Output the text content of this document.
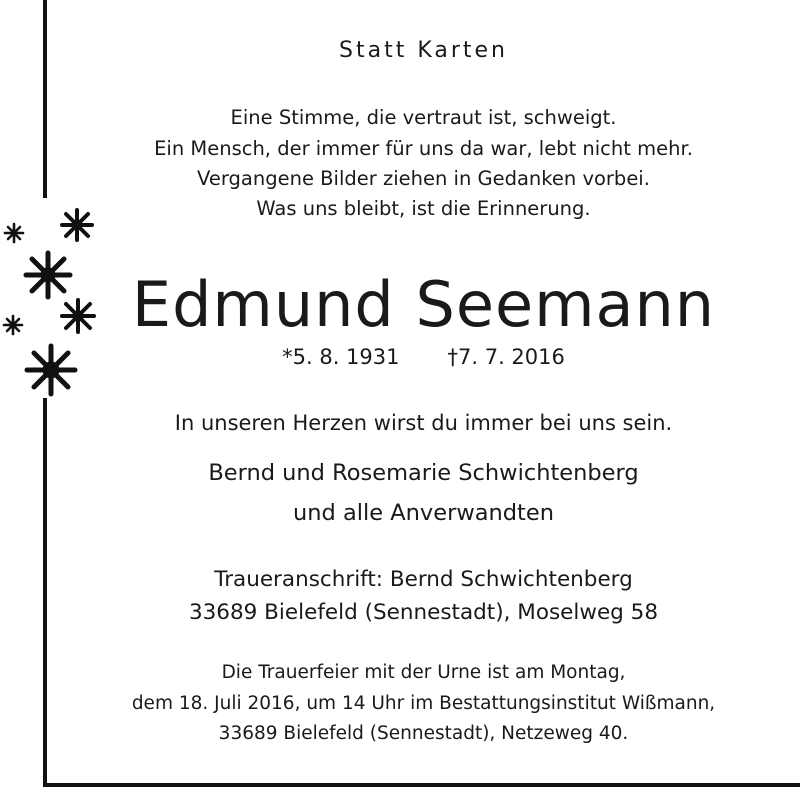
Statt Karten
Eine Stimme, die vertraut ist, schweigt.
Ein Mensch, der immer für uns da war, lebt nicht mehr.
Vergangene Bilder ziehen in Gedanken vorbei.
Was uns bleibt, ist die Erinnerung.
Edmund Seemann
*5. 8. 1931 †7. 7. 2016
In unseren Herzen wirst du immer bei uns sein.
Bernd und Rosemarie Schwichtenberg
und alle Anverwandten
Traueranschrift: Bernd Schwichtenberg
33689 Bielefeld (Sennestadt), Moselweg 58
Die Trauerfeier mit der Urne ist am Montag,
dem 18. Juli 2016, um 14 Uhr im Bestattungsinstitut Wißmann,
33689 Bielefeld (Sennestadt), Netzeweg 40.
